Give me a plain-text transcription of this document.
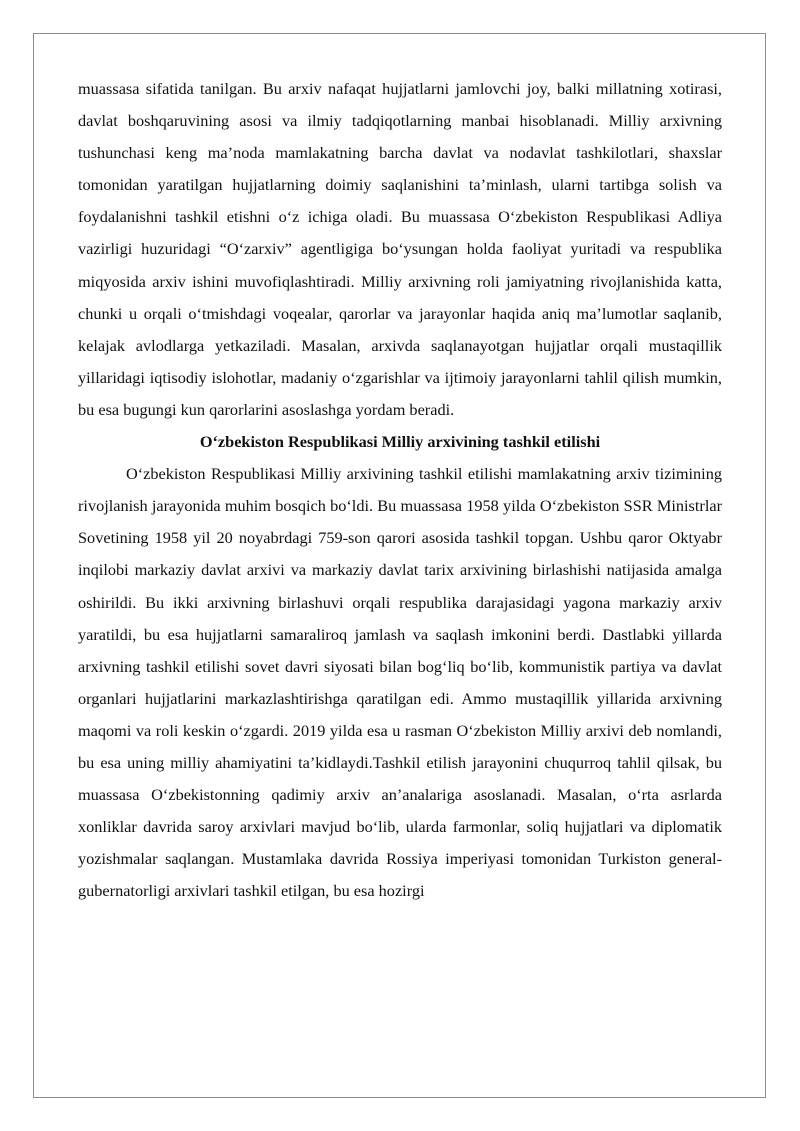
muassasa sifatida tanilgan. Bu arxiv nafaqat hujjatlarni jamlovchi joy, balki millatning xotirasi, davlat boshqaruvining asosi va ilmiy tadqiqotlarning manbai hisoblanadi. Milliy arxivning tushunchasi keng ma’noda mamlakatning barcha davlat va nodavlat tashkilotlari, shaxslar tomonidan yaratilgan hujjatlarning doimiy saqlanishini ta’minlash, ularni tartibga solish va foydalanishni tashkil etishni o‘z ichiga oladi. Bu muassasa O‘zbekiston Respublikasi Adliya vazirligi huzuridagi “O‘zarxiv” agentligiga bo‘ysungan holda faoliyat yuritadi va respublika miqyosida arxiv ishini muvofiqlashtiradi. Milliy arxivning roli jamiyatning rivojlanishida katta, chunki u orqali o‘tmishdagi voqealar, qarorlar va jarayonlar haqida aniq ma’lumotlar saqlanib, kelajak avlodlarga yetkaziladi. Masalan, arxivda saqlanayotgan hujjatlar orqali mustaqillik yillaridagi iqtisodiy islohotlar, madaniy o‘zgarishlar va ijtimoiy jarayonlarni tahlil qilish mumkin, bu esa bugungi kun qarorlarini asoslashga yordam beradi.

O‘zbekiston Respublikasi Milliy arxivining tashkil etilishi

O‘zbekiston Respublikasi Milliy arxivining tashkil etilishi mamlakatning arxiv tizimining rivojlanish jarayonida muhim bosqich bo‘ldi. Bu muassasa 1958 yilda O‘zbekiston SSR Ministrlar Sovetining 1958 yil 20 noyabrdagi 759-son qarori asosida tashkil topgan. Ushbu qaror Oktyabr inqilobi markaziy davlat arxivi va markaziy davlat tarix arxivining birlashishi natijasida amalga oshirildi. Bu ikki arxivning birlashuvi orqali respublika darajasidagi yagona markaziy arxiv yaratildi, bu esa hujjatlarni samaraliroq jamlash va saqlash imkonini berdi. Dastlabki yillarda arxivning tashkil etilishi sovet davri siyosati bilan bog‘liq bo‘lib, kommunistik partiya va davlat organlari hujjatlarini markazlashtirishga qaratilgan edi. Ammo mustaqillik yillarida arxivning maqomi va roli keskin o‘zgardi. 2019 yilda esa u rasman O‘zbekiston Milliy arxivi deb nomlandi, bu esa uning milliy ahamiyatini ta’kidlaydi.Tashkil etilish jarayonini chuqurroq tahlil qilsak, bu muassasa O‘zbekistonning qadimiy arxiv an’analariga asoslanadi. Masalan, o‘rta asrlarda xonliklar davrida saroy arxivlari mavjud bo‘lib, ularda farmonlar, soliq hujjatlari va diplomatik yozishmalar saqlangan. Mustamlaka davrida Rossiya imperiyasi tomonidan Turkiston general-gubernatorligi arxivlari tashkil etilgan, bu esa hozirgi
